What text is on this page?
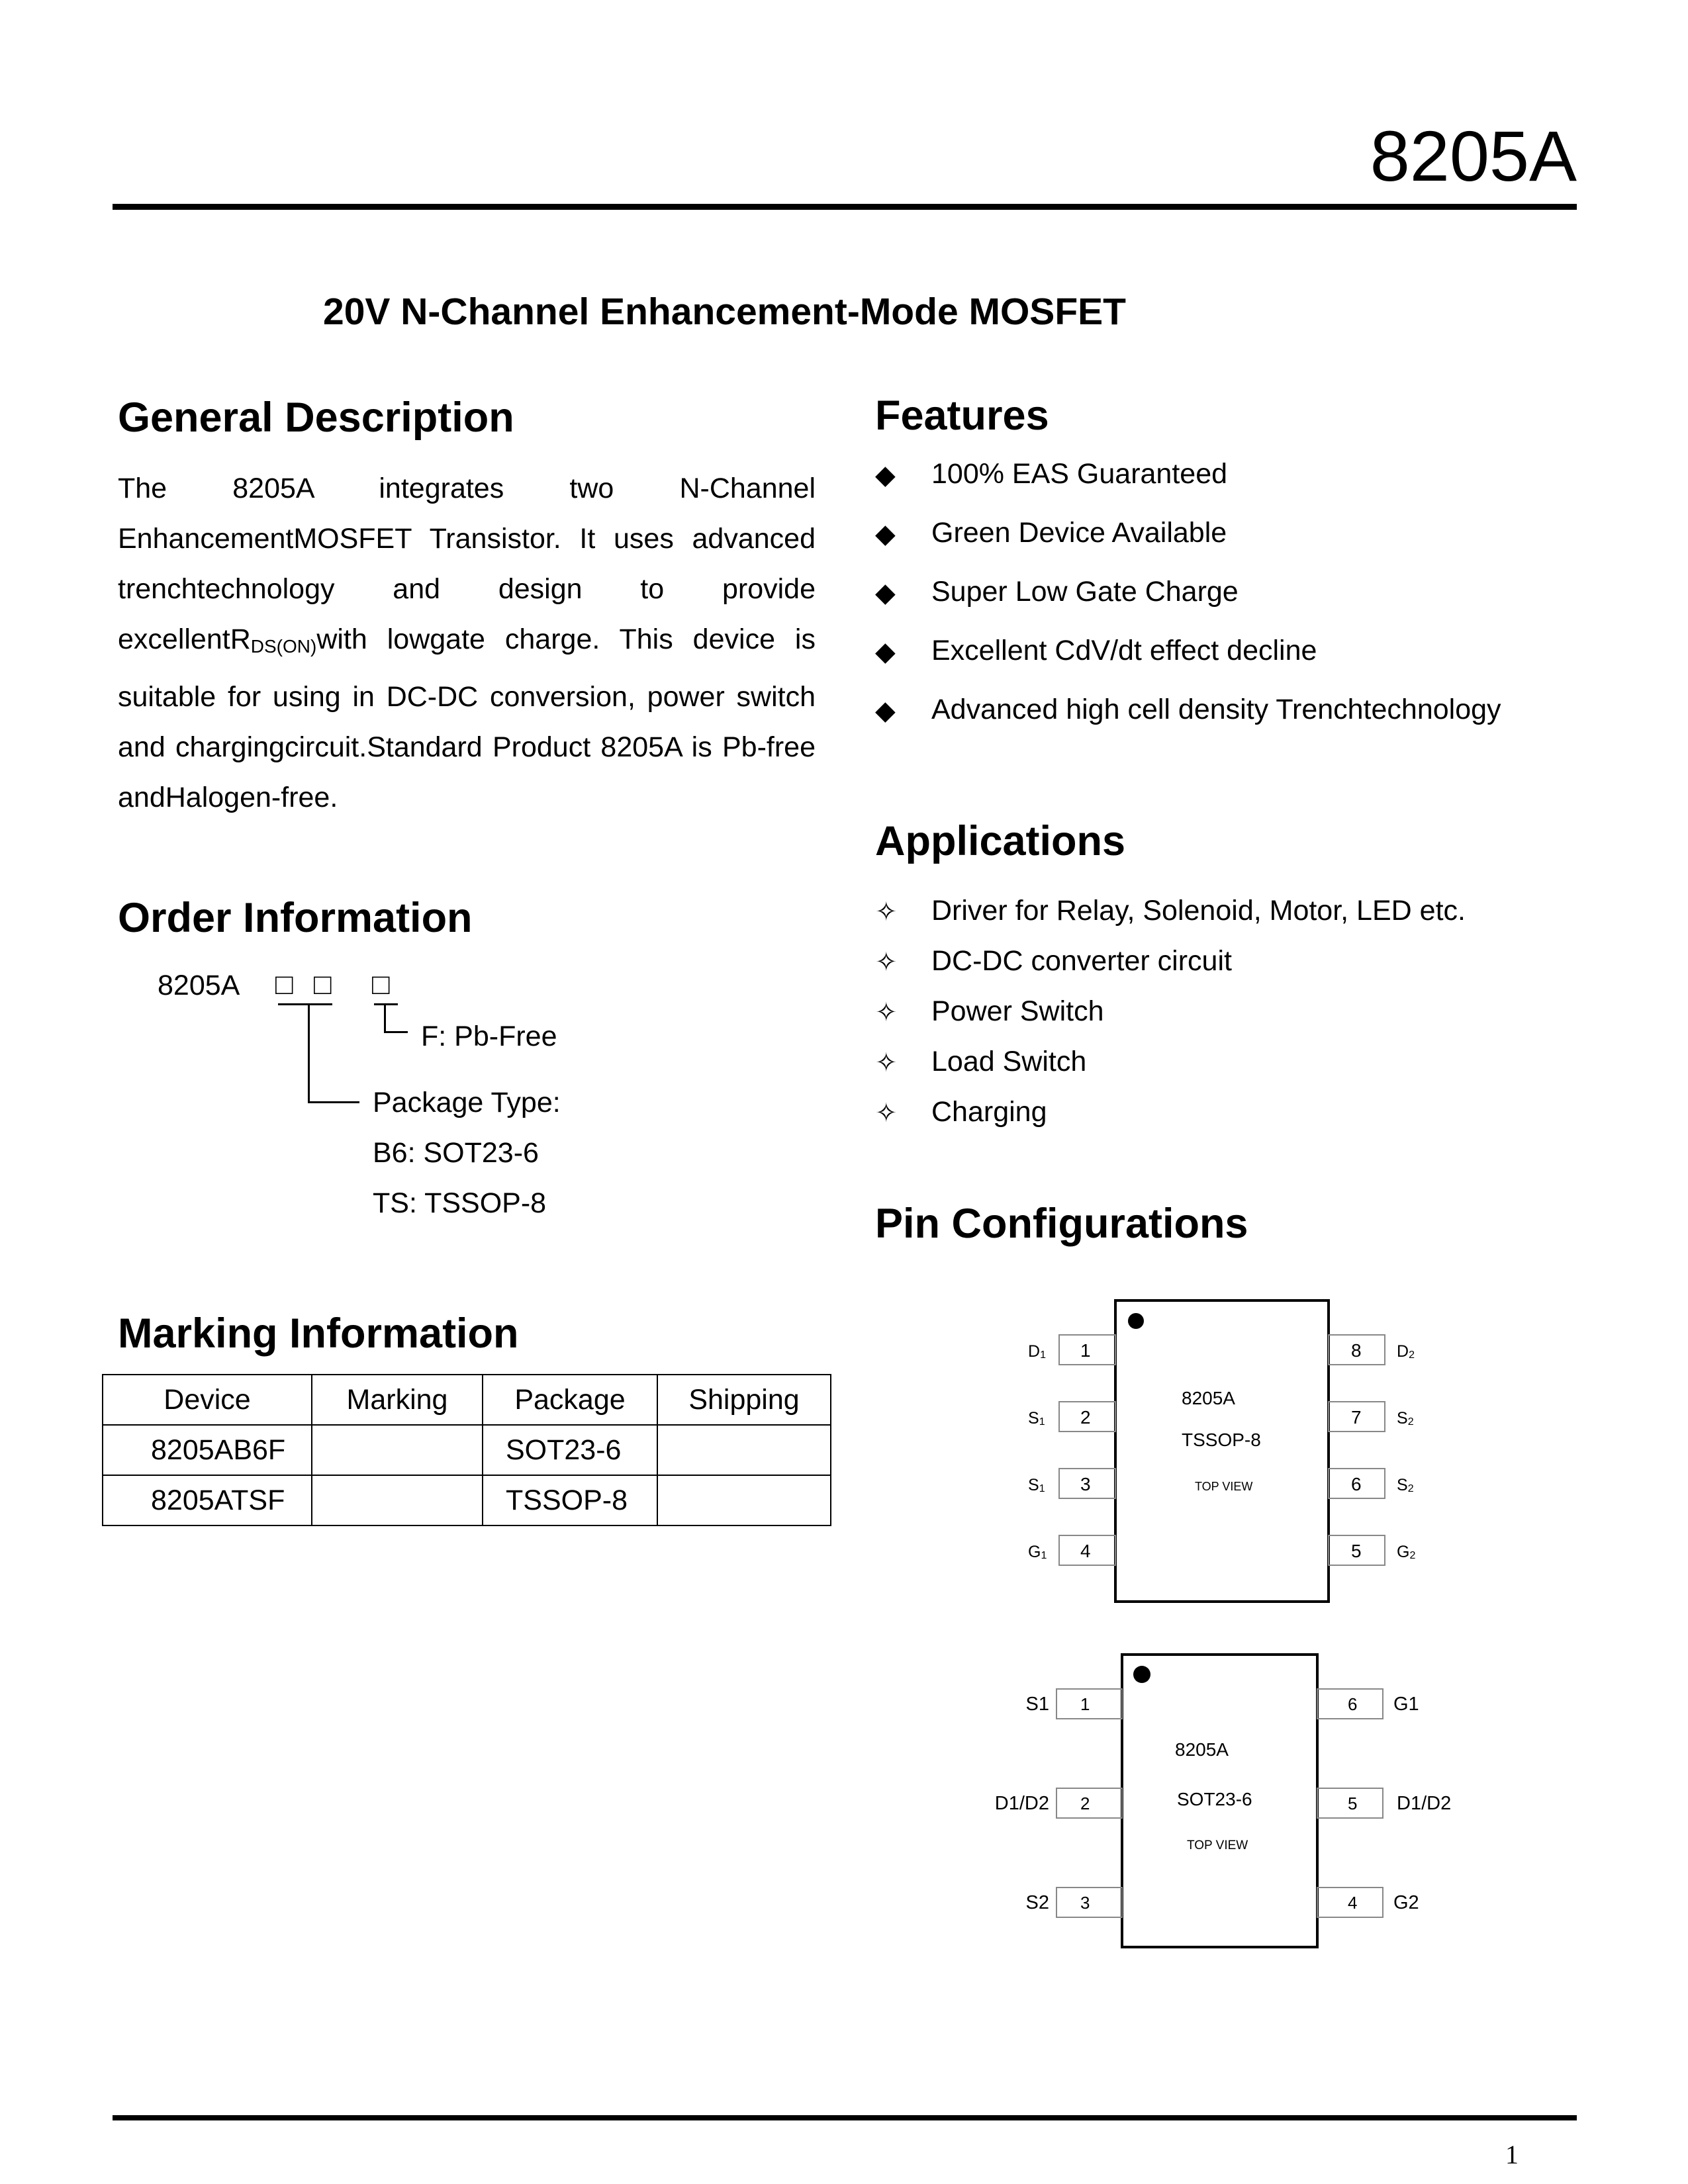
8205A
20V N-Channel Enhancement-Mode MOSFET
General Description

The 8205A integrates two N-Channel EnhancementMOSFET Transistor. It uses advanced trenchtechnology and design to provide excellentR$_{DS(ON)}$with lowgate charge. This device is suitable for using in DC-DC conversion, power switch and chargingcircuit.Standard Product 8205A is Pb-free andHalogen-free.

Features
◆	100% EAS Guaranteed
◆	Green Device Available
◆	Super Low Gate Charge
◆	Excellent CdV/dt effect decline
◆	Advanced high cell density Trenchtechnology
Applications
✧	Driver for Relay, Solenoid, Motor, LED etc.
✧	DC-DC converter circuit
✧	Power Switch
✧	Load Switch
✧	Charging
Order Information
8205A □ □ □
F: Pb-Free
Package Type:
B6: SOT23-6
TS: TSSOP-8
Marking Information
Device	Marking	Package	Shipping
8205AB6F		SOT23-6	
8205ATSF		TSSOP-8	
Pin Configurations
8205A
TSSOP-8
TOP VIEW
1
D1
2
S1
3
S1
4
G1
8 D2
7 S2
6 S2
5 G2
8205A
SOT23-6
TOP VIEW
1
S1
2
D1/D2
3
S2
6 G1
5 D1/D2
4 G2
1
